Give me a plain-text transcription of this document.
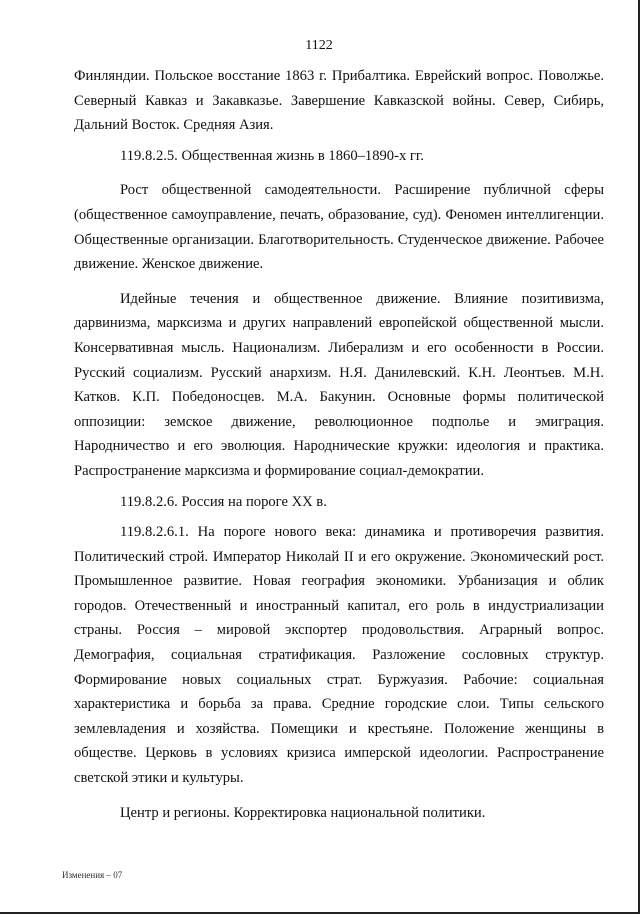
1122

Финляндии. Польское восстание 1863 г. Прибалтика. Еврейский вопрос. Поволжье. Северный Кавказ и Закавказье. Завершение Кавказской войны. Север, Сибирь, Дальний Восток. Средняя Азия.

119.8.2.5. Общественная жизнь в 1860–1890-х гг.

Рост общественной самодеятельности. Расширение публичной сферы (общественное самоуправление, печать, образование, суд). Феномен интеллигенции. Общественные организации. Благотворительность. Студенческое движение. Рабочее движение. Женское движение.

Идейные течения и общественное движение. Влияние позитивизма, дарвинизма, марксизма и других направлений европейской общественной мысли. Консервативная мысль. Национализм. Либерализм и его особенности в России. Русский социализм. Русский анархизм. Н.Я. Данилевский. К.Н. Леонтьев. М.Н. Катков. К.П. Победоносцев. М.А. Бакунин. Основные формы политической оппозиции: земское движение, революционное подполье и эмиграция. Народничество и его эволюция. Народнические кружки: идеология и практика. Распространение марксизма и формирование социал-демократии.

119.8.2.6. Россия на пороге XX в.

119.8.2.6.1. На пороге нового века: динамика и противоречия развития. Политический строй. Император Николай II и его окружение. Экономический рост. Промышленное развитие. Новая география экономики. Урбанизация и облик городов. Отечественный и иностранный капитал, его роль в индустриализации страны. Россия – мировой экспортер продовольствия. Аграрный вопрос. Демография, социальная стратификация. Разложение сословных структур. Формирование новых социальных страт. Буржуазия. Рабочие: социальная характеристика и борьба за права. Средние городские слои. Типы сельского землевладения и хозяйства. Помещики и крестьяне. Положение женщины в обществе. Церковь в условиях кризиса имперской идеологии. Распространение светской этики и культуры.

Центр и регионы. Корректировка национальной политики.

Изменения – 07
